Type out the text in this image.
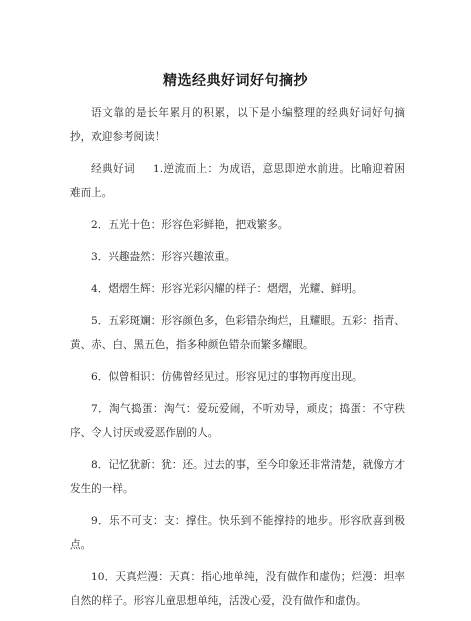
精选经典好词好句摘抄

语文靠的是长年累月的积累，以下是小编整理的经典好词好句摘抄，欢迎参考阅读！

经典好词 1.逆流而上：为成语，意思即逆水前进。比喻迎着困难而上。

2．五光十色：形容色彩鲜艳，把戏繁多。

3．兴趣盎然：形容兴趣浓重。

4．熠熠生辉：形容光彩闪耀的样子：熠熠，光耀、鲜明。

5．五彩斑斓：形容颜色多，色彩错杂绚烂，且耀眼。五彩：指青、黄、赤、白、黑五色，指多种颜色错杂而繁多耀眼。

6．似曾相识：仿佛曾经见过。形容见过的事物再度出现。

7．淘气捣蛋：淘气：爱玩爱闹，不听劝导，顽皮；捣蛋：不守秩序、令人讨厌或爱恶作剧的人。

8．记忆犹新：犹：还。过去的事，至今印象还非常清楚，就像方才发生的一样。

9．乐不可支：支：撑住。快乐到不能撑持的地步。形容欣喜到极点。

10．天真烂漫：天真：指心地单纯，没有做作和虚伪；烂漫：坦率自然的样子。形容儿童思想单纯，活泼心爱，没有做作和虚伪。
